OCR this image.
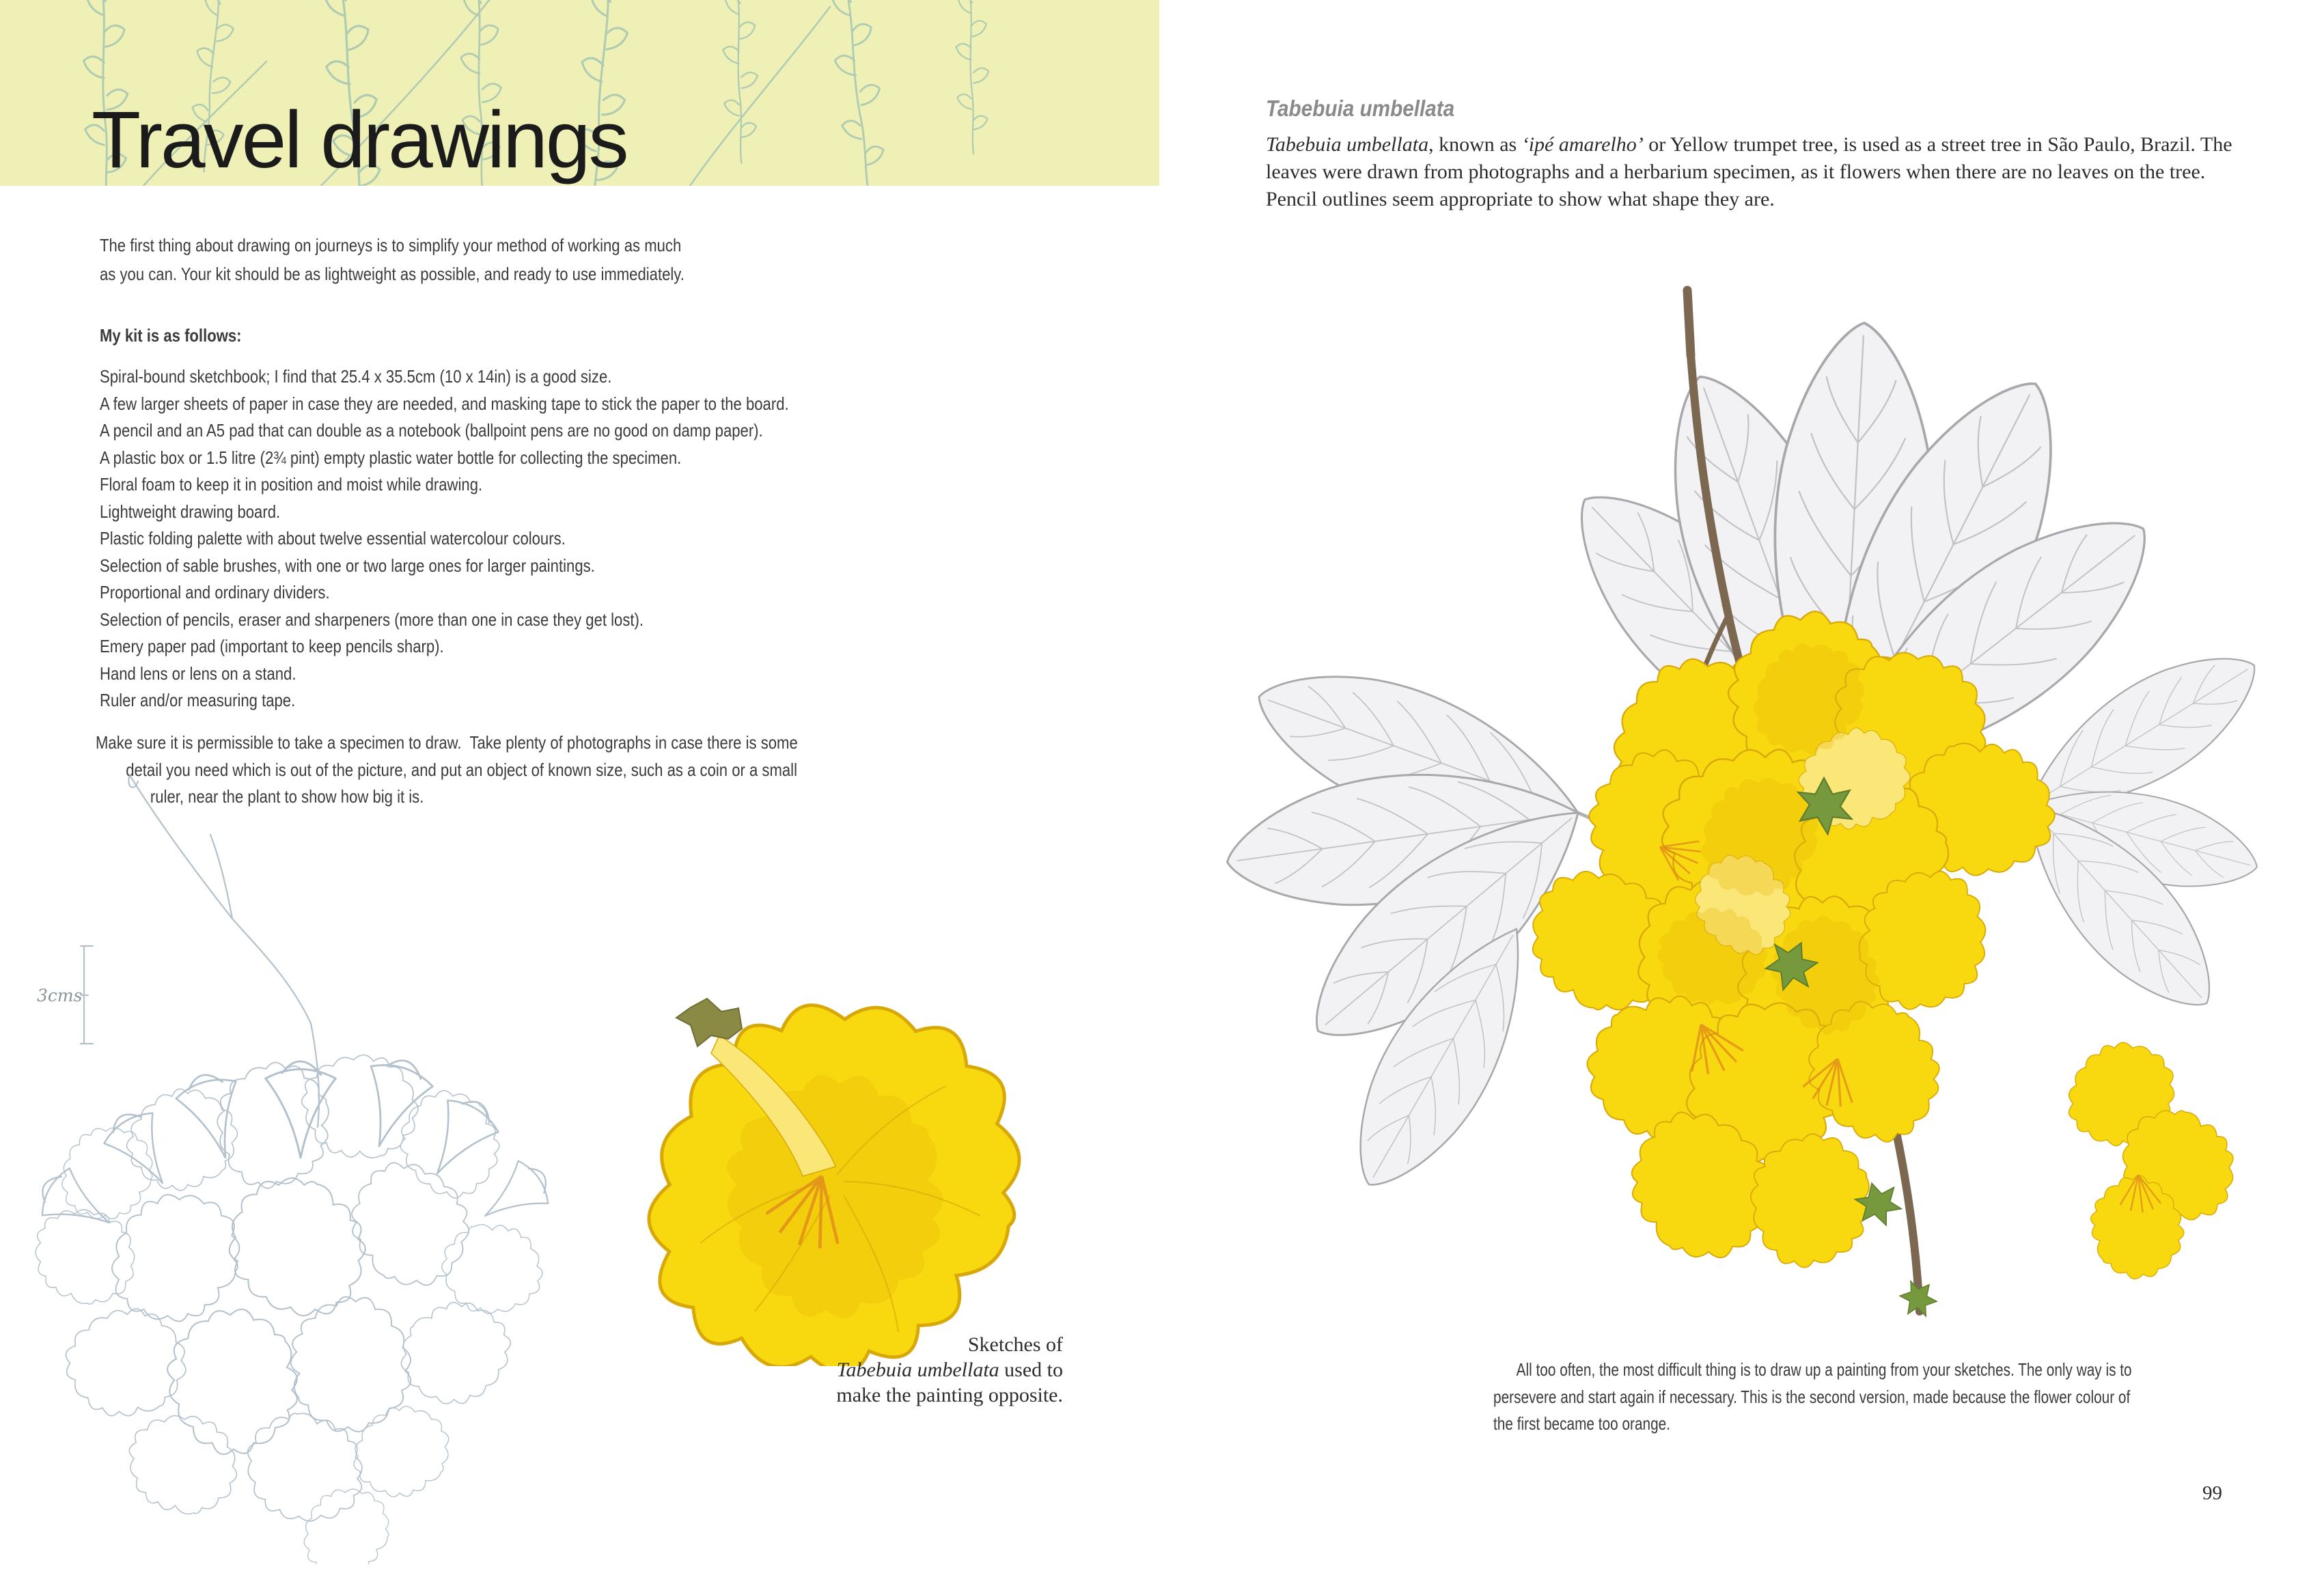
Travel drawings
The first thing about drawing on journeys is to simplify your method of working as much
as you can. Your kit should be as lightweight as possible, and ready to use immediately.
My kit is as follows:
Spiral-bound sketchbook; I find that 25.4 x 35.5cm (10 x 14in) is a good size.
A few larger sheets of paper in case they are needed, and masking tape to stick the paper to the board.
A pencil and an A5 pad that can double as a notebook (ballpoint pens are no good on damp paper).
A plastic box or 1.5 litre (2¾ pint) empty plastic water bottle for collecting the specimen.
Floral foam to keep it in position and moist while drawing.
Lightweight drawing board.
Plastic folding palette with about twelve essential watercolour colours.
Selection of sable brushes, with one or two large ones for larger paintings.
Proportional and ordinary dividers.
Selection of pencils, eraser and sharpeners (more than one in case they get lost).
Emery paper pad (important to keep pencils sharp).
Hand lens or lens on a stand.
Ruler and/or measuring tape.
Make sure it is permissible to take a specimen to draw.  Take plenty of photographs in case there is some
detail you need which is out of the picture, and put an object of known size, such as a coin or a small
ruler, near the plant to show how big it is.
3cms
Sketches of
Tabebuia umbellata used to
make the painting opposite.
Tabebuia umbellata
Tabebuia umbellata, known as ‘ipé amarelho’ or Yellow trumpet tree, is used as a street tree in São Paulo, Brazil. The
leaves were drawn from photographs and a herbarium specimen, as it flowers when there are no leaves on the tree.
Pencil outlines seem appropriate to show what shape they are.
All too often, the most difficult thing is to draw up a painting from your sketches. The only way is to
persevere and start again if necessary. This is the second version, made because the flower colour of
the first became too orange.
99
